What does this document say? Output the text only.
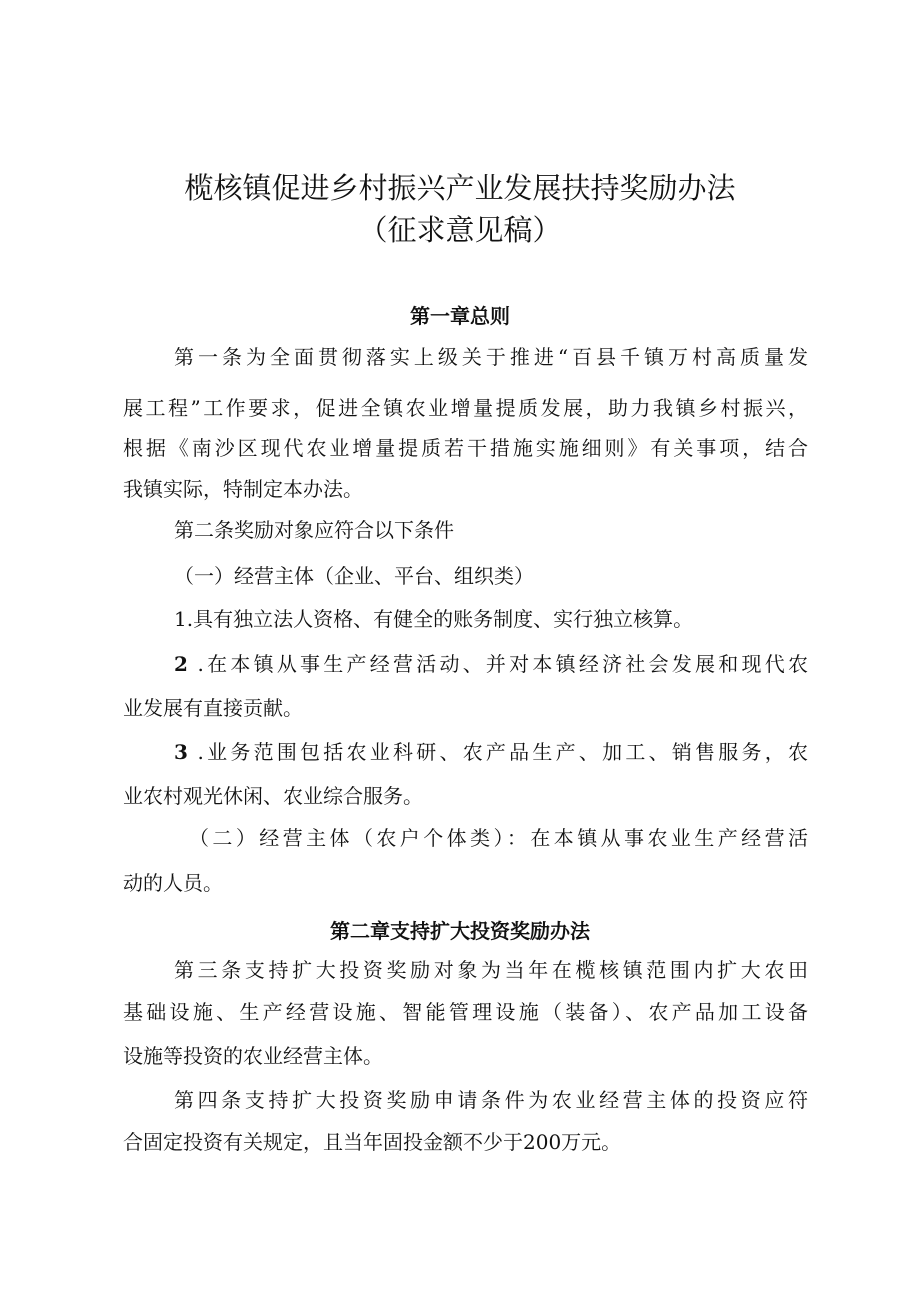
榄核镇促进乡村振兴产业发展扶持奖励办法
（征求意见稿）
第一章总则

第一条为全面贯彻落实上级关于推进“百县千镇万村高质量发

展工程”工作要求，促进全镇农业增量提质发展，助力我镇乡村振兴，

根据《南沙区现代农业增量提质若干措施实施细则》有关事项，结合

我镇实际，特制定本办法。

第二条奖励对象应符合以下条件

（一）经营主体（企业、平台、组织类）

1.具有独立法人资格、有健全的账务制度、实行独立核算。

2 .在本镇从事生产经营活动、并对本镇经济社会发展和现代农

业发展有直接贡献。

3 .业务范围包括农业科研、农产品生产、加工、销售服务，农

业农村观光休闲、农业综合服务。

（二）经营主体（农户个体类）：在本镇从事农业生产经营活

动的人员。

第二章支持扩大投资奖励办法

第三条支持扩大投资奖励对象为当年在榄核镇范围内扩大农田

基础设施、生产经营设施、智能管理设施（装备）、农产品加工设备

设施等投资的农业经营主体。

第四条支持扩大投资奖励申请条件为农业经营主体的投资应符

合固定投资有关规定，且当年固投金额不少于200万元。
